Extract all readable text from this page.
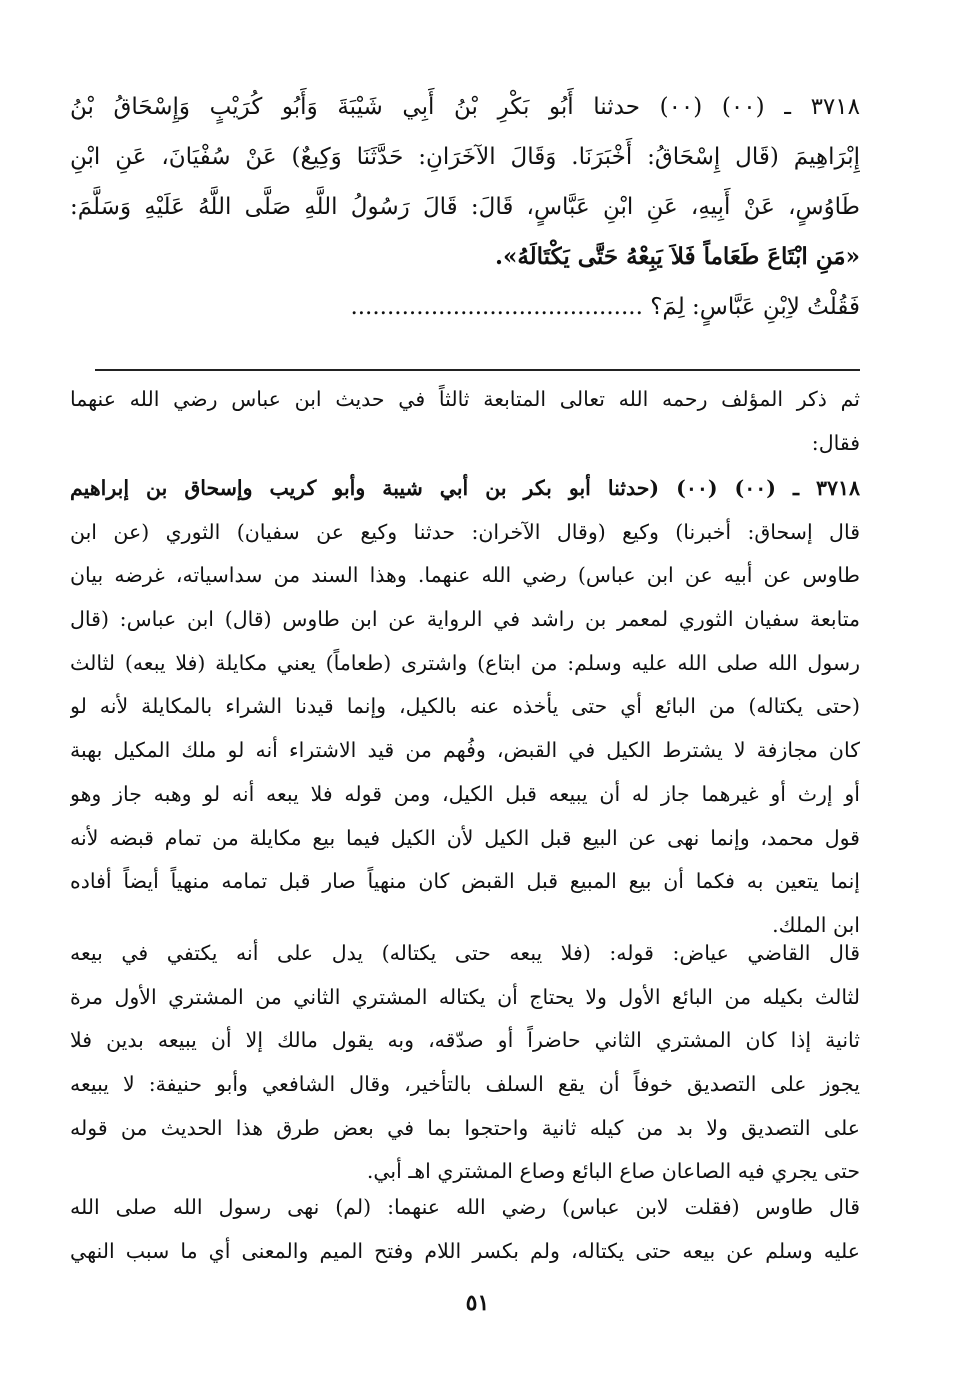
٣٧١٨ ـ (٠٠) (٠٠) حدثنا أَبُو بَكْرِ بْنُ أَبِي شَيْبَةَ وَأَبُو كُرَيْبٍ وَإِسْحَاقُ بْنُ
إِبْرَاهِيمَ (قَال إِسْحَاقُ: أَخْبَرَنَا. وَقَالَ الآخَرَانِ: حَدَّثَنَا وَكِيعٌ) عَنْ سُفْيَانَ، عَنِ ابْنِ
طَاوُسٍ، عَنْ أَبِيهِ، عَنِ ابْنِ عَبَّاسٍ، قَالَ: قَالَ رَسُولُ اللَّهِ صَلَّى اللَّهُ عَلَيْهِ وَسَلَّمَ:
«مَنِ ابْتَاعَ طَعَاماً فَلاَ يَبِعْهُ حَتَّى يَكْتَالَهُ».
فَقُلْتُ لاِبْنِ عَبَّاسٍ: لِمَ؟ ........................................
ثم ذكر المؤلف رحمه الله تعالى المتابعة ثالثاً في حديث ابن عباس رضي الله عنهما
فقال:
٣٧١٨ ـ (٠٠) (٠٠) (حدثنا أبو بكر بن أبي شيبة وأبو كريب وإسحاق بن إبراهيم
قال إسحاق: أخبرنا) وكيع (وقال الآخران: حدثنا وكيع عن سفيان) الثوري (عن ابن
طاوس عن أبيه عن ابن عباس) رضي الله عنهما. وهذا السند من سداسياته، غرضه بيان
متابعة سفيان الثوري لمعمر بن راشد في الرواية عن ابن طاوس (قال) ابن عباس: (قال
رسول الله صلى الله عليه وسلم: من ابتاع) واشترى (طعاماً) يعني مكايلة (فلا يبعه) لثالث
(حتى يكتاله) من البائع أي حتى يأخذه عنه بالكيل، وإنما قيدنا الشراء بالمكايلة لأنه لو
كان مجازفة لا يشترط الكيل في القبض، وفُهم من قيد الاشتراء أنه لو ملك المكيل بهبة
أو إرث أو غيرهما جاز له أن يبيعه قبل الكيل، ومن قوله فلا يبعه أنه لو وهبه جاز وهو
قول محمد، وإنما نهى عن البيع قبل الكيل لأن الكيل فيما بيع مكايلة من تمام قبضه لأنه
إنما يتعين به فكما أن بيع المبيع قبل القبض كان منهياً صار قبل تمامه منهياً أيضاً أفاده
ابن الملك.
قال القاضي عياض: قوله: (فلا يبعه حتى يكتاله) يدل على أنه يكتفي في بيعه
لثالث بكيله من البائع الأول ولا يحتاج أن يكتاله المشتري الثاني من المشتري الأول مرة
ثانية إذا كان المشتري الثاني حاضراً أو صدّقه، وبه يقول مالك إلا أن يبيعه بدين فلا
يجوز على التصديق خوفاً أن يقع السلف بالتأخير، وقال الشافعي وأبو حنيفة: لا يبيعه
على التصديق ولا بد من كيله ثانية واحتجوا بما في بعض طرق هذا الحديث من قوله
حتى يجري فيه الصاعان صاع البائع وصاع المشتري اهـ أبي.
قال طاوس (فقلت لابن عباس) رضي الله عنهما: (لم) نهى رسول الله صلى الله
عليه وسلم عن بيعه حتى يكتاله، ولم بكسر اللام وفتح الميم والمعنى أي ما سبب النهي
٥١
